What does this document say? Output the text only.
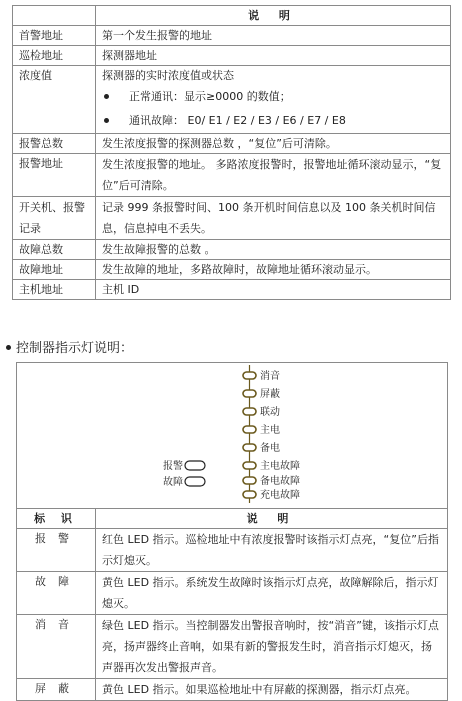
	说 明
首警地址	第一个发生报警的地址
巡检地址	探测器地址
浓度值	探测器的实时浓度值或状态
正常通讯：显示≥0000 的数值；
通讯故障： E0/ E1 / E2 / E3 / E6 / E7 / E8

报警总数	发生浓度报警的探测器总数 ，“复位”后可清除。
报警地址	发生浓度报警的地址。 多路浓度报警时，报警地址循环滚动显示，“复位”后可清除。
开关机、报警记录	记录 999 条报警时间、100 条开机时间信息以及 100 条关机时间信息，信息掉电不丢失。
故障总数	发生故障报警的总数 。
故障地址	发生故障的地址，多路故障时，故障地址循环滚动显示。
主机地址	主机 ID
控制器指示灯说明：
消音
屏蔽
联动
主电
备电
主电故障
备电故障
充电故障
报警
故障
标 识	说 明
报警	红色 LED 指示。巡检地址中有浓度报警时该指示灯点亮，“复位”后指示灯熄灭。
故障	黄色 LED 指示。系统发生故障时该指示灯点亮，故障解除后，指示灯熄灭。
消音	绿色 LED 指示。当控制器发出警报音响时，按“消音”键，该指示灯点亮，扬声器终止音响，如果有新的警报发生时，消音指示灯熄灭，扬声器再次发出警报声音。
屏蔽	黄色 LED 指示。如果巡检地址中有屏蔽的探测器，指示灯点亮。
